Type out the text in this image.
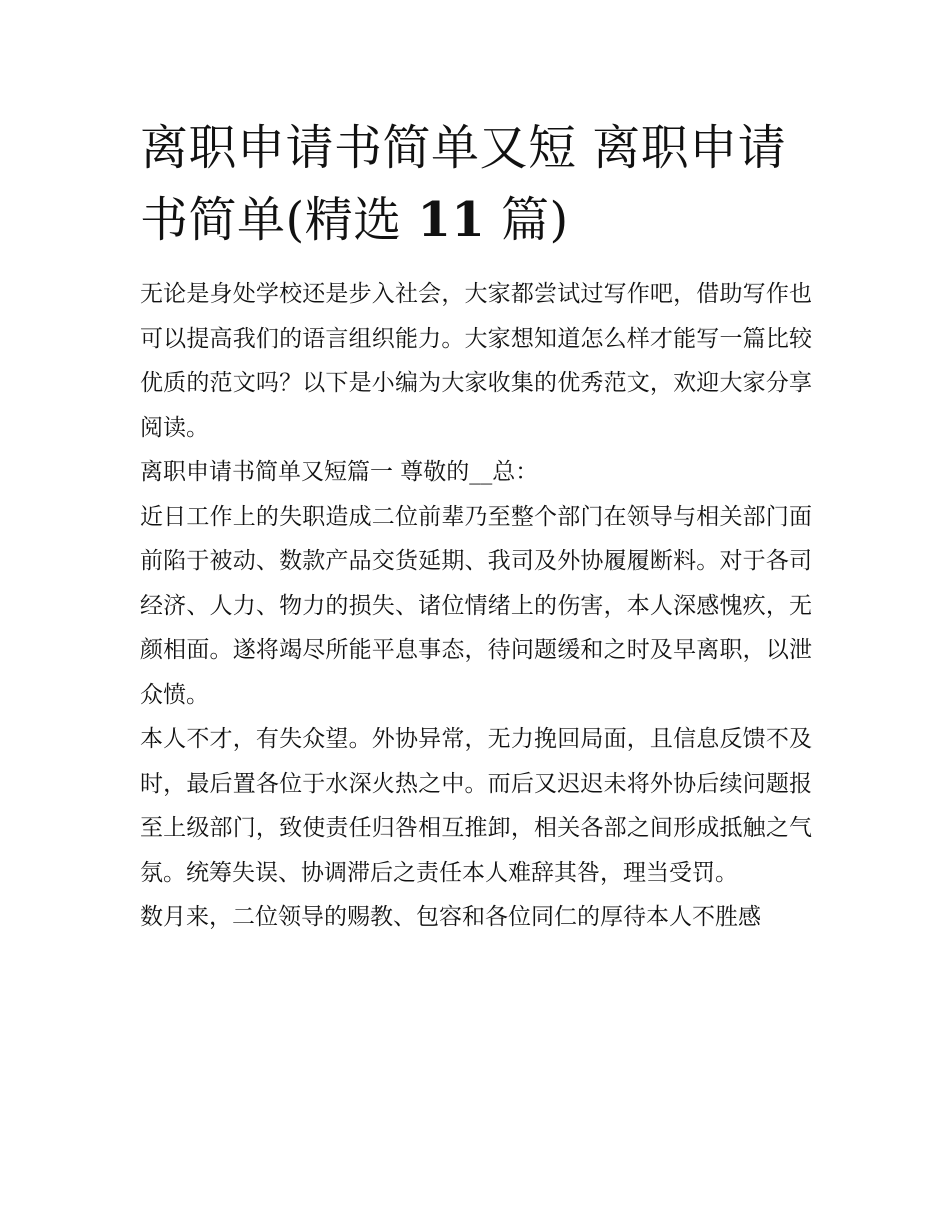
离职申请书简单又短 离职申请书简单(精选 11 篇)

无论是身处学校还是步入社会，大家都尝试过写作吧，借助写作也可以提高我们的语言组织能力。大家想知道怎么样才能写一篇比较优质的范文吗？以下是小编为大家收集的优秀范文，欢迎大家分享阅读。

离职申请书简单又短篇一 尊敬的__总：

近日工作上的失职造成二位前辈乃至整个部门在领导与相关部门面前陷于被动、数款产品交货延期、我司及外协履履断料。对于各司经济、人力、物力的损失、诸位情绪上的伤害，本人深感愧疚，无颜相面。遂将竭尽所能平息事态，待问题缓和之时及早离职，以泄众愤。

本人不才，有失众望。外协异常，无力挽回局面，且信息反馈不及时，最后置各位于水深火热之中。而后又迟迟未将外协后续问题报至上级部门，致使责任归咎相互推卸，相关各部之间形成抵触之气氛。统筹失误、协调滞后之责任本人难辞其咎，理当受罚。

数月来，二位领导的赐教、包容和各位同仁的厚待本人不胜感
